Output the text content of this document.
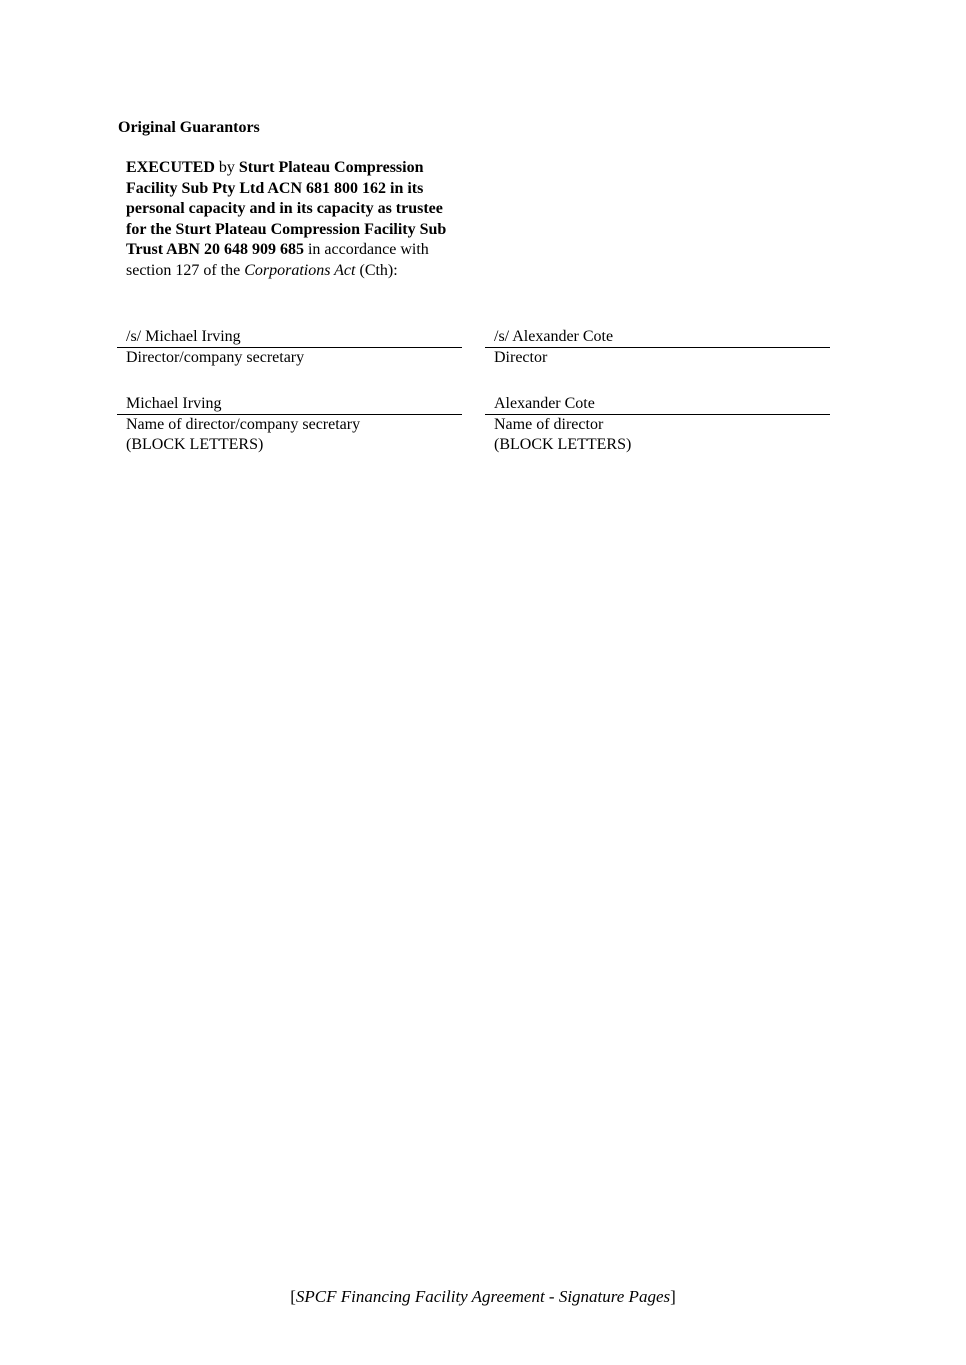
Original Guarantors
EXECUTED by Sturt Plateau Compression Facility Sub Pty Ltd ACN 681 800 162 in its personal capacity and in its capacity as trustee for the Sturt Plateau Compression Facility Sub Trust ABN 20 648 909 685 in accordance with section 127 of the Corporations Act (Cth):
/s/ Michael Irving
Director/company secretary
/s/ Alexander Cote
Director
Michael Irving
Name of director/company secretary
(BLOCK LETTERS)
Alexander Cote
Name of director
(BLOCK LETTERS)
[SPCF Financing Facility Agreement - Signature Pages]
